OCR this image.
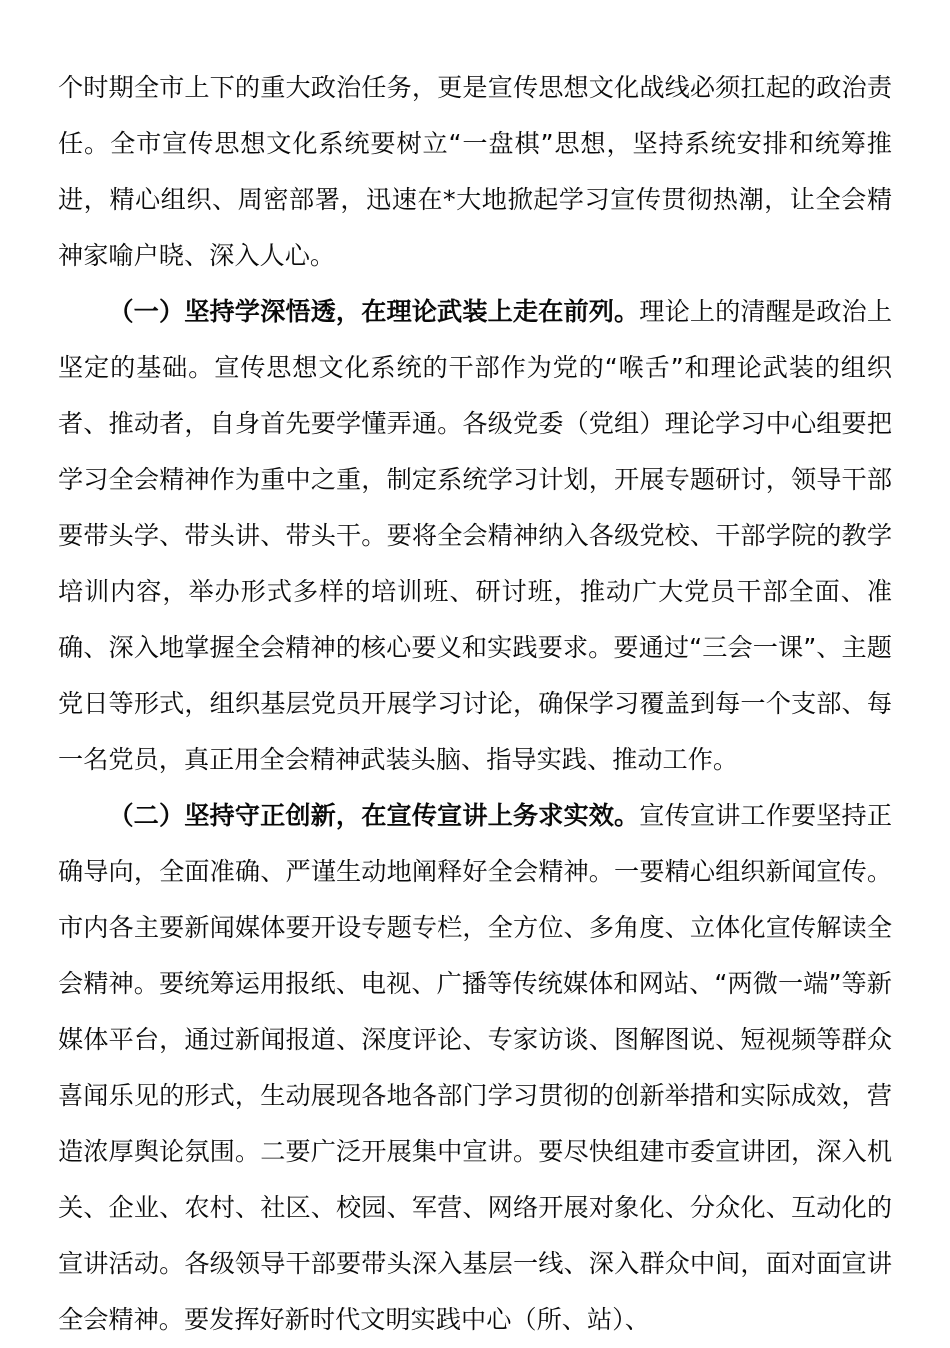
个时期全市上下的重大政治任务，更是宣传思想文化战线必须扛起的政治责任。全市宣传思想文化系统要树立“一盘棋”思想，坚持系统安排和统筹推进，精心组织、周密部署，迅速在*大地掀起学习宣传贯彻热潮，让全会精神家喻户晓、深入人心。

（一）坚持学深悟透，在理论武装上走在前列。理论上的清醒是政治上坚定的基础。宣传思想文化系统的干部作为党的“喉舌”和理论武装的组织者、推动者，自身首先要学懂弄通。各级党委（党组）理论学习中心组要把学习全会精神作为重中之重，制定系统学习计划，开展专题研讨，领导干部要带头学、带头讲、带头干。要将全会精神纳入各级党校、干部学院的教学培训内容，举办形式多样的培训班、研讨班，推动广大党员干部全面、准确、深入地掌握全会精神的核心要义和实践要求。要通过“三会一课”、主题党日等形式，组织基层党员开展学习讨论，确保学习覆盖到每一个支部、每一名党员，真正用全会精神武装头脑、指导实践、推动工作。

（二）坚持守正创新，在宣传宣讲上务求实效。宣传宣讲工作要坚持正确导向，全面准确、严谨生动地阐释好全会精神。一要精心组织新闻宣传。市内各主要新闻媒体要开设专题专栏，全方位、多角度、立体化宣传解读全会精神。要统筹运用报纸、电视、广播等传统媒体和网站、“两微一端”等新媒体平台，通过新闻报道、深度评论、专家访谈、图解图说、短视频等群众喜闻乐见的形式，生动展现各地各部门学习贯彻的创新举措和实际成效，营造浓厚舆论氛围。二要广泛开展集中宣讲。要尽快组建市委宣讲团，深入机关、企业、农村、社区、校园、军营、网络开展对象化、分众化、互动化的宣讲活动。各级领导干部要带头深入基层一线、深入群众中间，面对面宣讲全会精神。要发挥好新时代文明实践中心（所、站）、
